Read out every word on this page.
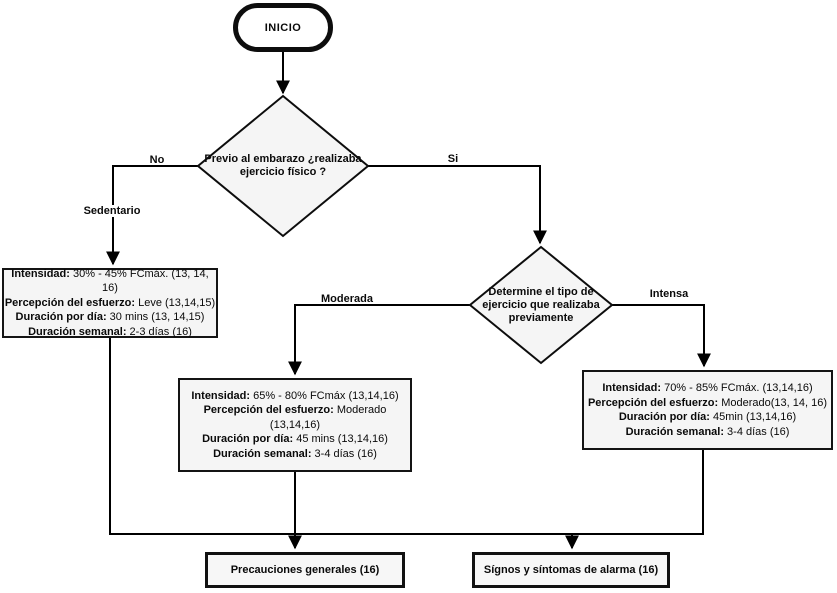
INICIO
Previo al embarazo ¿realizaba ejercicio físico ?
Determine el tipo de ejercicio que realizaba previamente
No
Sedentario
Si
Moderada	Intensa
Intensidad: 30% - 45% FCmáx. (13, 14, 16)
Percepción del esfuerzo: Leve (13,14,15)
Duración por día: 30 mins (13, 14,15)
Duración semanal: 2-3 días (16)
Intensidad: 65% - 80% FCmáx (13,14,16)
Percepción del esfuerzo: Moderado (13,14,16)
Duración por día: 45 mins (13,14,16)
Duración semanal: 3-4 días (16)
Intensidad: 70% - 85% FCmáx. (13,14,16)
Percepción del esfuerzo: Moderado(13, 14, 16)
Duración por día: 45min (13,14,16)
Duración semanal: 3-4 días (16)
Precauciones generales (16)	Sígnos y síntomas de alarma (16)
